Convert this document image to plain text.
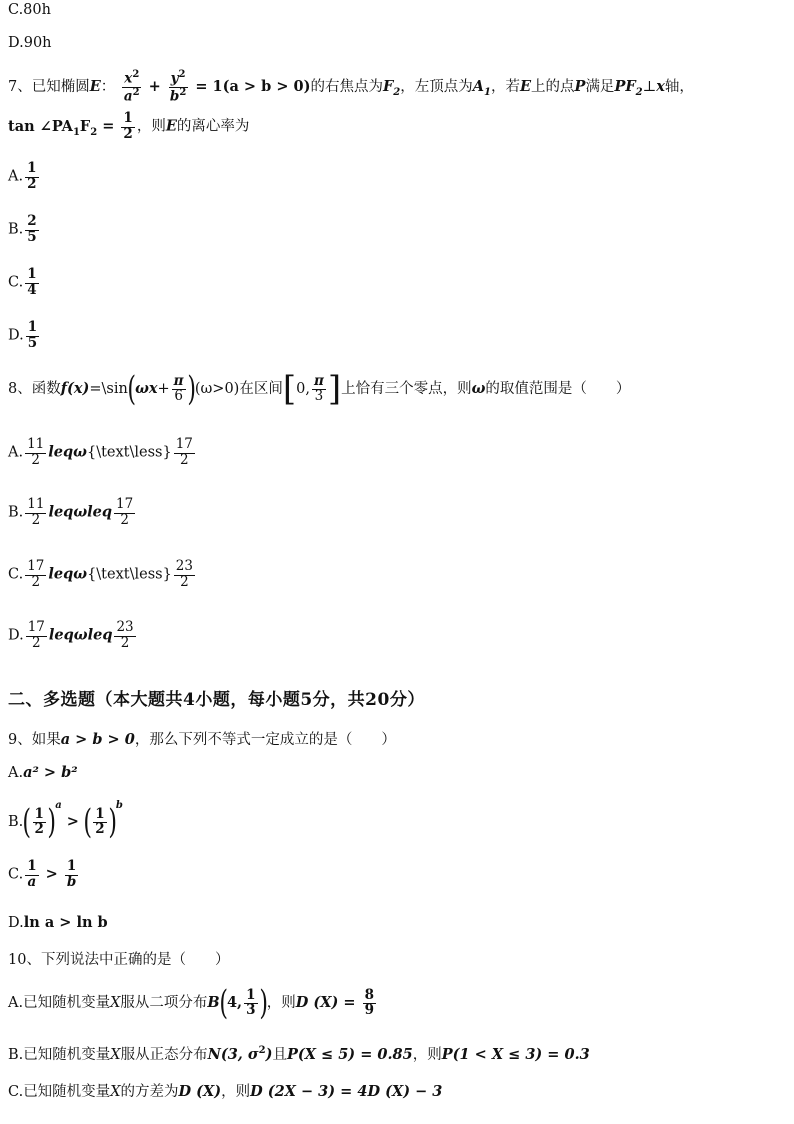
C.80h
D.90h
7、已知椭圆E： $\frac{x^2}{a^2} + \frac{y^2}{b^2} = 1(a > b > 0)$的右焦点为$F_2$，左顶点为$A_1$，若E上的点P满足$PF_2\perp x$轴，
$\tan \angle PA_1F_2 = \frac{1}{2}$ ，则E的离心率为
A. $\frac{1}{2}$
B. $\frac{2}{5}$
C. $\frac{1}{4}$
D. $\frac{1}{5}$
8、函数f(x)=\sin(ωx+ $\frac{\pi}{6} )(\omega>0)$在区间[0, $\frac{\pi}{3}$ ]上恰有三个零点，则ω的取值范围是（　　）
A. $\frac{11}{2}$ leqω{\text\less} $\frac{17}{2}$
B. $\frac{11}{2}$ leqωleq $\frac{17}{2}$
C. $\frac{17}{2}$ leqω{\text\less} $\frac{23}{2}$
D. $\frac{17}{2}$ leqωleq $\frac{23}{2}$
二、多选题（本大题共4小题，每小题5分，共20分）
9、如果a > b > 0，那么下列不等式一定成立的是（　　）
A.a² > b²
$B.( \frac{1}{2} )^a$ > ( $\frac{1}{2} )^b$
C. $\frac{1}{a} > \frac{1}{b}$
D.ln a > ln b
10、下列说法中正确的是（　　）
A.已知随机变量X服从二项分布B(4, $\frac{1}{3}$ )，则D $(X) = \frac{8}{9}$
B.已知随机变量X服从正态分布N(3, $\sigma^2$)且P(X ≤ 5) = 0.85，则P(1 < X ≤ 3) = 0.3
C.已知随机变量X的方差为D (X)，则D (2X − 3) = 4D (X) − 3
